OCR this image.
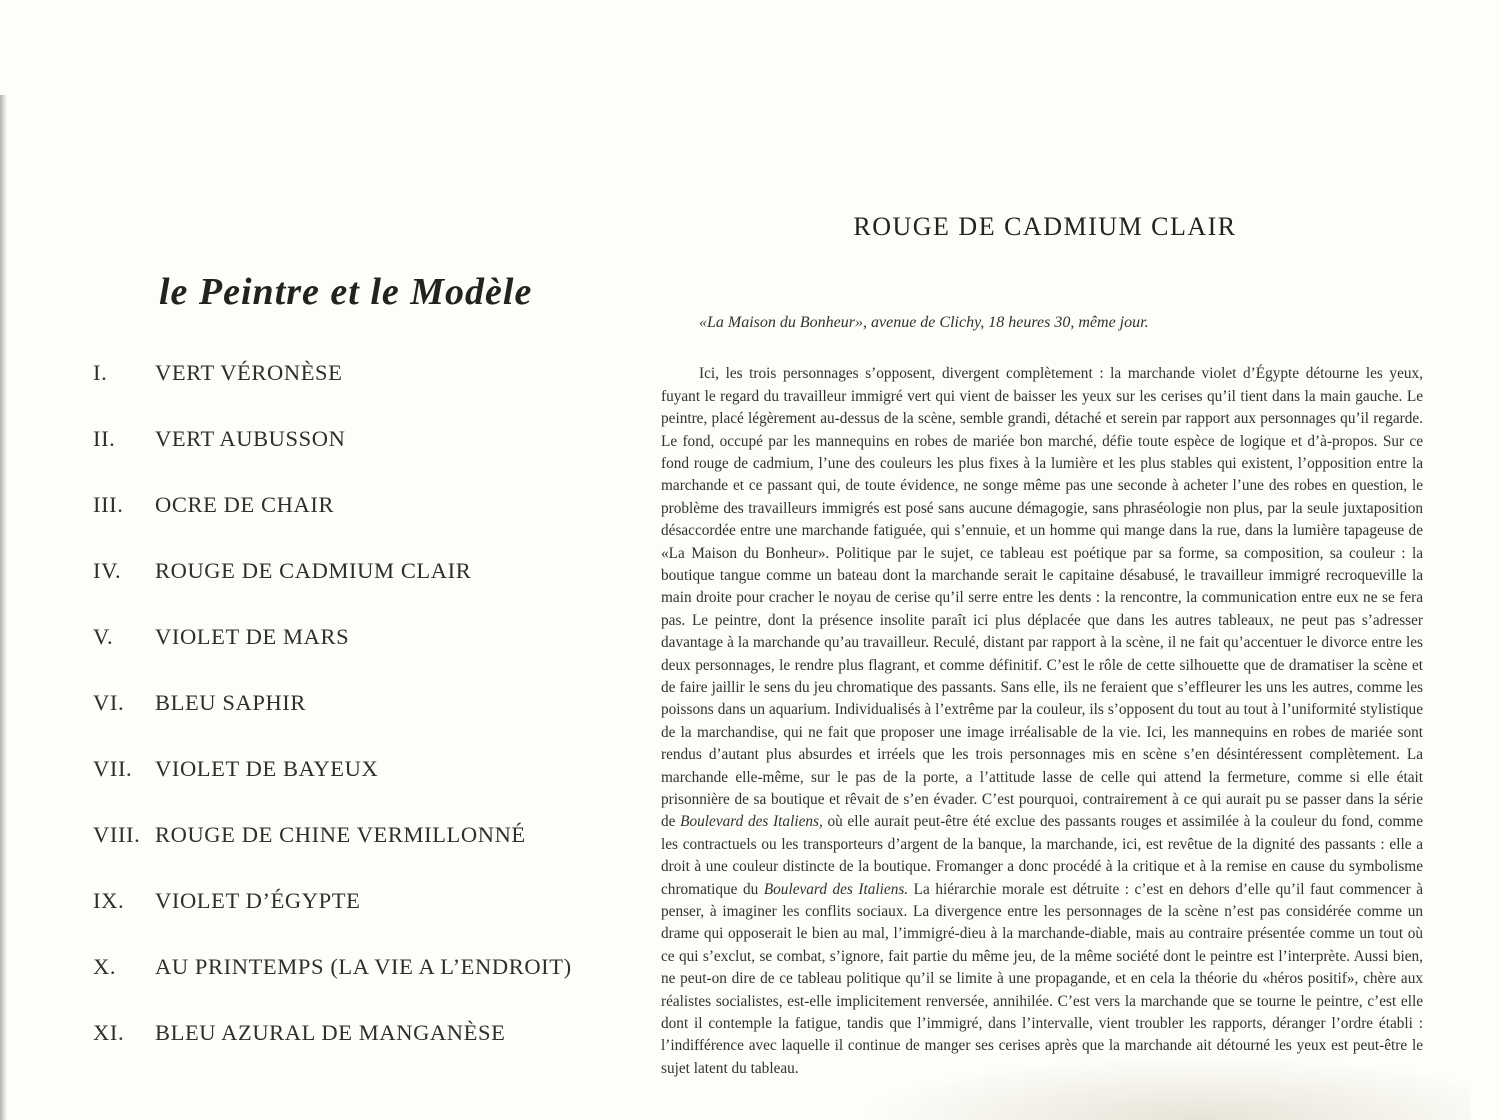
le Peintre et le Modèle
I.	VERT VÉRONÈSE
II.	VERT AUBUSSON
III.	OCRE DE CHAIR
IV.	ROUGE DE CADMIUM CLAIR
V.	VIOLET DE MARS
VI.	BLEU SAPHIR
VII.	VIOLET DE BAYEUX
VIII. ROUGE DE CHINE VERMILLONNÉ
IX.	VIOLET D’ÉGYPTE
X.	AU PRINTEMPS (LA VIE A L’ENDROIT)
XI.	BLEU AZURAL DE MANGANÈSE
ROUGE DE CADMIUM CLAIR
«La Maison du Bonheur», avenue de Clichy, 18 heures 30, même jour.

Ici, les trois personnages s’opposent, divergent complètement : la marchande violet d’Égypte détourne les yeux, fuyant le regard du travailleur immigré vert qui vient de baisser les yeux sur les cerises qu’il tient dans la main gauche. Le peintre, placé légèrement au-dessus de la scène, semble grandi, détaché et serein par rapport aux personnages qu’il regarde. Le fond, occupé par les mannequins en robes de mariée bon marché, défie toute espèce de logique et d’à-propos. Sur ce fond rouge de cadmium, l’une des couleurs les plus fixes à la lumière et les plus stables qui existent, l’opposition entre la marchande et ce passant qui, de toute évidence, ne songe même pas une seconde à acheter l’une des robes en question, le problème des travailleurs immigrés est posé sans aucune démagogie, sans phraséologie non plus, par la seule juxtaposition désaccordée entre une marchande fatiguée, qui s’ennuie, et un homme qui mange dans la rue, dans la lumière tapageuse de «La Maison du Bonheur». Politique par le sujet, ce tableau est poétique par sa forme, sa composition, sa couleur : la boutique tangue comme un bateau dont la marchande serait le capitaine désabusé, le travailleur immigré recroqueville la main droite pour cracher le noyau de cerise qu’il serre entre les dents : la rencontre, la communication entre eux ne se fera pas. Le peintre, dont la présence insolite paraît ici plus déplacée que dans les autres tableaux, ne peut pas s’adresser davantage à la marchande qu’au travailleur. Reculé, distant par rapport à la scène, il ne fait qu’accentuer le divorce entre les deux personnages, le rendre plus flagrant, et comme définitif. C’est le rôle de cette silhouette que de dramatiser la scène et de faire jaillir le sens du jeu chromatique des passants. Sans elle, ils ne feraient que s’effleurer les uns les autres, comme les poissons dans un aquarium. Individualisés à l’extrême par la couleur, ils s’opposent du tout au tout à l’uniformité stylistique de la marchandise, qui ne fait que proposer une image irréalisable de la vie. Ici, les mannequins en robes de mariée sont rendus d’autant plus absurdes et irréels que les trois personnages mis en scène s’en désintéressent complètement. La marchande elle-même, sur le pas de la porte, a l’attitude lasse de celle qui attend la fermeture, comme si elle était prisonnière de sa boutique et rêvait de s’en évader. C’est pourquoi, contrairement à ce qui aurait pu se passer dans la série de Boulevard des Italiens, où elle aurait peut-être été exclue des passants rouges et assimilée à la couleur du fond, comme les contractuels ou les transporteurs d’argent de la banque, la marchande, ici, est revêtue de la dignité des passants : elle a droit à une couleur distincte de la boutique. Fromanger a donc procédé à la critique et à la remise en cause du symbolisme chromatique du Boulevard des Italiens. La hiérarchie morale est détruite : c’est en dehors d’elle qu’il faut commencer à penser, à imaginer les conflits sociaux. La divergence entre les personnages de la scène n’est pas considérée comme un drame qui opposerait le bien au mal, l’immigré-dieu à la marchande-diable, mais au contraire présentée comme un tout où ce qui s’exclut, se combat, s’ignore, fait partie du même jeu, de la même société dont le peintre est l’interprète. Aussi bien, ne peut-on dire de ce tableau politique qu’il se limite à une propagande, et en cela la théorie du «héros positif», chère aux réalistes socialistes, est-elle implicitement renversée, annihilée. C’est vers la marchande que se tourne le peintre, c’est elle dont il contemple la fatigue, tandis que l’immigré, dans l’intervalle, vient troubler les rapports, déranger l’ordre établi : l’indifférence avec laquelle il continue de manger ses cerises après que la marchande ait détourné les yeux est peut-être le sujet latent du tableau.
